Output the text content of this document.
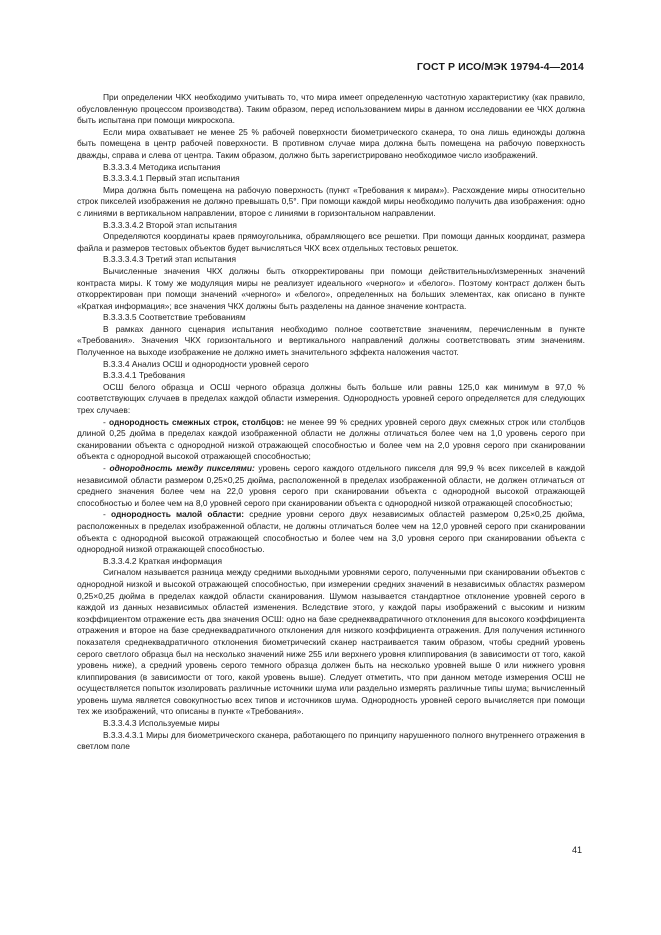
ГОСТ Р ИСО/МЭК 19794-4—2014

При определении ЧКХ необходимо учитывать то, что мира имеет определенную частотную характеристику (как правило, обусловленную процессом производства). Таким образом, перед использованием миры в данном исследовании ее ЧКХ должна быть испытана при помощи микроскопа.

Если мира охватывает не менее 25 % рабочей поверхности биометрического сканера, то она лишь единожды должна быть помещена в центр рабочей поверхности. В противном случае мира должна быть помещена на рабочую поверхность дважды, справа и слева от центра. Таким образом, должно быть зарегистрировано необходимое число изображений.

В.3.3.3.4 Методика испытания

В.3.3.3.4.1 Первый этап испытания

Мира должна быть помещена на рабочую поверхность (пункт «Требования к мирам»). Расхождение миры относительно строк пикселей изображения не должно превышать 0,5°. При помощи каждой миры необходимо получить два изображения: одно с линиями в вертикальном направлении, второе с линиями в горизонтальном направлении.

В.3.3.3.4.2 Второй этап испытания

Определяются координаты краев прямоугольника, обрамляющего все решетки. При помощи данных координат, размера файла и размеров тестовых объектов будет вычисляться ЧКХ всех отдельных тестовых решеток.

В.3.3.3.4.3 Третий этап испытания

Вычисленные значения ЧКХ должны быть откорректированы при помощи действительных/измеренных значений контраста миры. К тому же модуляция миры не реализует идеального «черного» и «белого». Поэтому контраст должен быть откорректирован при помощи значений «черного» и «белого», определенных на больших элементах, как описано в пункте «Краткая информация»; все значения ЧКХ должны быть разделены на данное значение контраста.

В.3.3.3.5 Соответствие требованиям

В рамках данного сценария испытания необходимо полное соответствие значениям, перечисленным в пункте «Требования». Значения ЧКХ горизонтального и вертикального направлений должны соответствовать этим значениям. Полученное на выходе изображение не должно иметь значительного эффекта наложения частот.

В.3.3.4 Анализ ОСШ и однородности уровней серого

В.3.3.4.1 Требования

ОСШ белого образца и ОСШ черного образца должны быть больше или равны 125,0 как минимум в 97,0 % соответствующих случаев в пределах каждой области измерения. Однородность уровней серого определяется для следующих трех случаев:

- однородность смежных строк, столбцов: не менее 99 % средних уровней серого двух смежных строк или столбцов длиной 0,25 дюйма в пределах каждой изображенной области не должны отличаться более чем на 1,0 уровень серого при сканировании объекта с однородной низкой отражающей способностью и более чем на 2,0 уровня серого при сканировании объекта с однородной высокой отражающей способностью;

- однородность между пикселями: уровень серого каждого отдельного пикселя для 99,9 % всех пикселей в каждой независимой области размером 0,25×0,25 дюйма, расположенной в пределах изображенной области, не должен отличаться от среднего значения более чем на 22,0 уровня серого при сканировании объекта с однородной высокой отражающей способностью и более чем на 8,0 уровней серого при сканировании объекта с однородной низкой отражающей способностью;

- однородность малой области: средние уровни серого двух независимых областей размером 0,25×0,25 дюйма, расположенных в пределах изображенной области, не должны отличаться более чем на 12,0 уровней серого при сканировании объекта с однородной высокой отражающей способностью и более чем на 3,0 уровня серого при сканировании объекта с однородной низкой отражающей способностью.

В.3.3.4.2 Краткая информация

Сигналом называется разница между средними выходными уровнями серого, полученными при сканировании объектов с однородной низкой и высокой отражающей способностью, при измерении средних значений в независимых областях размером 0,25×0,25 дюйма в пределах каждой области сканирования. Шумом называется стандартное отклонение уровней серого в каждой из данных независимых областей изменения. Вследствие этого, у каждой пары изображений с высоким и низким коэффициентом отражение есть два значения ОСШ: одно на базе среднеквадратичного отклонения для высокого коэффициента отражения и второе на базе среднеквадратичного отклонения для низкого коэффициента отражения. Для получения истинного показателя среднеквадратичного отклонения биометрический сканер настраивается таким образом, чтобы средний уровень серого светлого образца был на несколько значений ниже 255 или верхнего уровня клиппирования (в зависимости от того, какой уровень ниже), а средний уровень серого темного образца должен быть на несколько уровней выше 0 или нижнего уровня клиппирования (в зависимости от того, какой уровень выше). Следует отметить, что при данном методе измерения ОСШ не осуществляется попыток изолировать различные источники шума или раздельно измерять различные типы шума; вычисленный уровень шума является совокупностью всех типов и источников шума. Однородность уровней серого вычисляется при помощи тех же изображений, что описаны в пункте «Требования».

В.3.3.4.3 Используемые миры

В.3.3.4.3.1 Миры для биометрического сканера, работающего по принципу нарушенного полного внутреннего отражения в светлом поле

41
